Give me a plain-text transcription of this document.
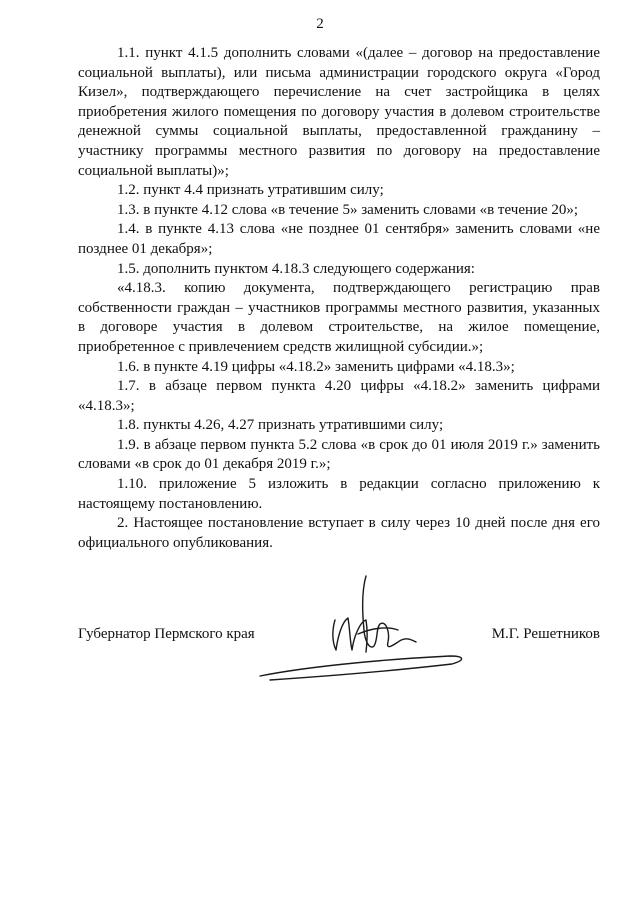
2

1.1. пункт 4.1.5 дополнить словами «(далее – договор на предоставление социальной выплаты), или письма администрации городского округа «Город Кизел», подтверждающего перечисление на счет застройщика в целях приобретения жилого помещения по договору участия в долевом строительстве денежной суммы социальной выплаты, предоставленной гражданину – участнику программы местного развития по договору на предоставление социальной выплаты)»;

1.2. пункт 4.4 признать утратившим силу;

1.3. в пункте 4.12 слова «в течение 5» заменить словами «в течение 20»;

1.4. в пункте 4.13 слова «не позднее 01 сентября» заменить словами «не позднее 01 декабря»;

1.5. дополнить пунктом 4.18.3 следующего содержания:

«4.18.3. копию документа, подтверждающего регистрацию прав собственности граждан – участников программы местного развития, указанных в договоре участия в долевом строительстве, на жилое помещение, приобретенное с привлечением средств жилищной субсидии.»;

1.6. в пункте 4.19 цифры «4.18.2» заменить цифрами «4.18.3»;

1.7. в абзаце первом пункта 4.20 цифры «4.18.2» заменить цифрами «4.18.3»;

1.8. пункты 4.26, 4.27 признать утратившими силу;

1.9. в абзаце первом пункта 5.2 слова «в срок до 01 июля 2019 г.» заменить словами «в срок до 01 декабря 2019 г.»;

1.10. приложение 5 изложить в редакции согласно приложению к настоящему постановлению.

2. Настоящее постановление вступает в силу через 10 дней после дня его официального опубликования.

Губернатор Пермского края	М.Г. Решетников
